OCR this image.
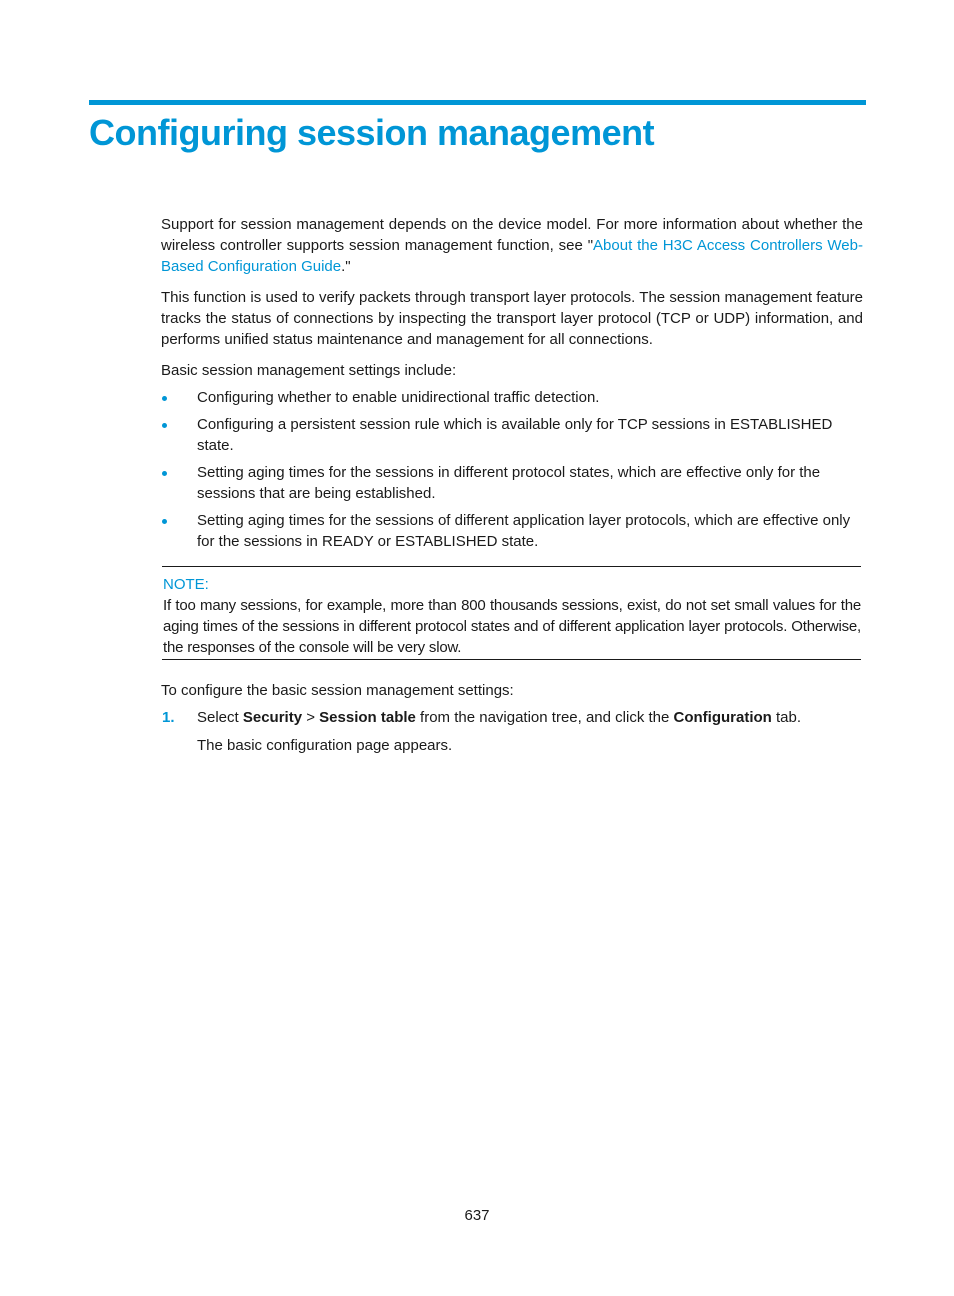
Configuring session management

Support for session management depends on the device model. For more information about whether the wireless controller supports session management function, see "About the H3C Access Controllers Web-Based Configuration Guide."

This function is used to verify packets through transport layer protocols. The session management feature tracks the status of connections by inspecting the transport layer protocol (TCP or UDP) information, and performs unified status maintenance and management for all connections.

Basic session management settings include:

Configuring whether to enable unidirectional traffic detection.
Configuring a persistent session rule which is available only for TCP sessions in ESTABLISHED state.
Setting aging times for the sessions in different protocol states, which are effective only for the sessions that are being established.
Setting aging times for the sessions of different application layer protocols, which are effective only for the sessions in READY or ESTABLISHED state.

NOTE:

If too many sessions, for example, more than 800 thousands sessions, exist, do not set small values for the aging times of the sessions in different protocol states and of different application layer protocols. Otherwise, the responses of the console will be very slow.

To configure the basic session management settings:

1. Select Security > Session table from the navigation tree, and click the Configuration tab.

The basic configuration page appears.

637
